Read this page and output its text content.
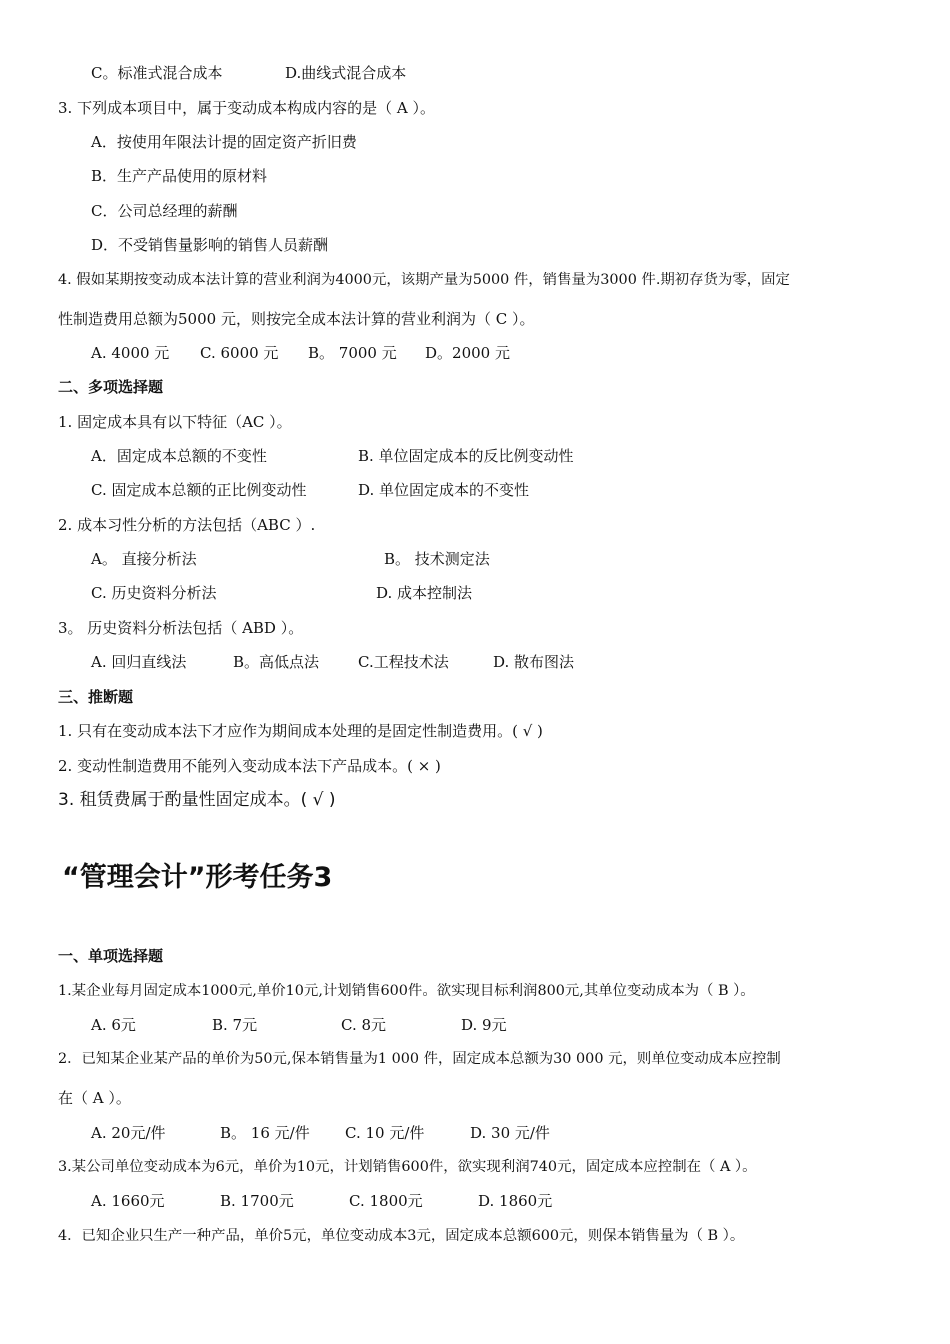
C。标准式混合成本	D.曲线式混合成本
3. 下列成本项目中，属于变动成本构成内容的是（ A ）。
A．按使用年限法计提的固定资产折旧费
B．生产产品使用的原材料
C．公司总经理的薪酬
D．不受销售量影响的销售人员薪酬
4. 假如某期按变动成本法计算的营业利润为4000元，该期产量为5000 件，销售量为3000 件.期初存货为零，固定
性制造费用总额为5000 元，则按完全成本法计算的营业利润为（ C ）。
A. 4000 元 C. 6000 元 B。 7000 元 D。2000 元
二、多项选择题
1. 固定成本具有以下特征（AC ）。
A．固定成本总额的不变性	B. 单位固定成本的反比例变动性
C. 固定成本总额的正比例变动性	D. 单位固定成本的不变性
2. 成本习性分析的方法包括（ABC ）.
A。 直接分析法	B。 技术测定法
C. 历史资料分析法	D. 成本控制法
3。 历史资料分析法包括（ ABD ）。
A. 回归直线法	B。高低点法	C.工程技术法	D. 散布图法
三、推断题
1. 只有在变动成本法下才应作为期间成本处理的是固定性制造费用。( √ )
2. 变动性制造费用不能列入变动成本法下产品成本。( × )
3. 租赁费属于酌量性固定成本。( √ )
“管理会计”形考任务3
一、单项选择题
1.某企业每月固定成本1000元,单价10元,计划销售600件。欲实现目标利润800元,其单位变动成本为（ B ）。
A. 6元	B. 7元	C. 8元	D. 9元
2．已知某企业某产品的单价为50元,保本销售量为1 000 件，固定成本总额为30 000 元，则单位变动成本应控制
在（ A ）。
A. 20元/件	B。 16 元/件 C. 10 元/件	D. 30 元/件
3.某公司单位变动成本为6元，单价为10元，计划销售600件，欲实现利润740元，固定成本应控制在（ A ）。
A. 1660元	B. 1700元	C. 1800元	D. 1860元
4．已知企业只生产一种产品，单价5元，单位变动成本3元，固定成本总额600元，则保本销售量为（ B ）。
